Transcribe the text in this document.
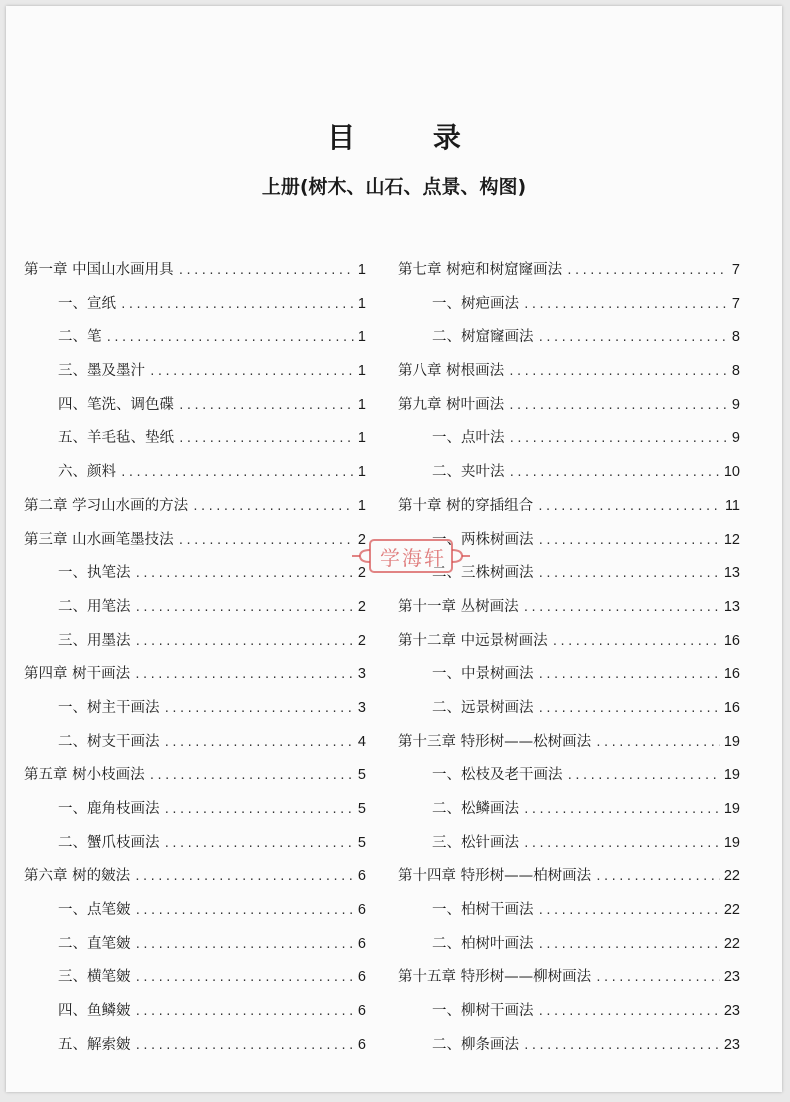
目 录
上册(树木、山石、点景、构图)
第一章 中国山水画用具 .....	1
一、宣纸 .....	1
二、笔 .....	1
三、墨及墨汁 .....	1
四、笔洗、调色碟 .....	1
五、羊毛毡、垫纸 .....	1
六、颜料 .....	1
第二章 学习山水画的方法 .....	1
第三章 山水画笔墨技法 .....	2
一、执笔法 .....	2
二、用笔法 .....	2
三、用墨法 .....	2
第四章 树干画法 .....	3
一、树主干画法 .....	3
二、树支干画法 .....	4
第五章 树小枝画法 .....	5
一、鹿角枝画法 .....	5
二、蟹爪枝画法 .....	5
第六章 树的皴法 .....	6
一、点笔皴 .....	6
二、直笔皴 .....	6
三、横笔皴 .....	6
四、鱼鳞皴 .....	6
五、解索皴 .....	6
第七章 树疤和树窟窿画法 .....	7
一、树疤画法 .....	7
二、树窟窿画法 .....	8
第八章 树根画法 .....	8
第九章 树叶画法 .....	9
一、点叶法 .....	9
二、夹叶法 .....	10
第十章 树的穿插组合 .....	11
一、两株树画法 .....	12
二、三株树画法 .....	13
第十一章 丛树画法 .....	13
第十二章 中远景树画法 .....	16
一、中景树画法 .....	16
二、远景树画法 .....	16
第十三章 特形树——松树画法 .....	19
一、松枝及老干画法 .....	19
二、松鳞画法 .....	19
三、松针画法 .....	19
第十四章 特形树——柏树画法 .....	22
一、柏树干画法 .....	22
二、柏树叶画法 .....	22
第十五章 特形树——柳树画法 .....	23
一、柳树干画法 .....	23
二、柳条画法 .....	23
学海轩
